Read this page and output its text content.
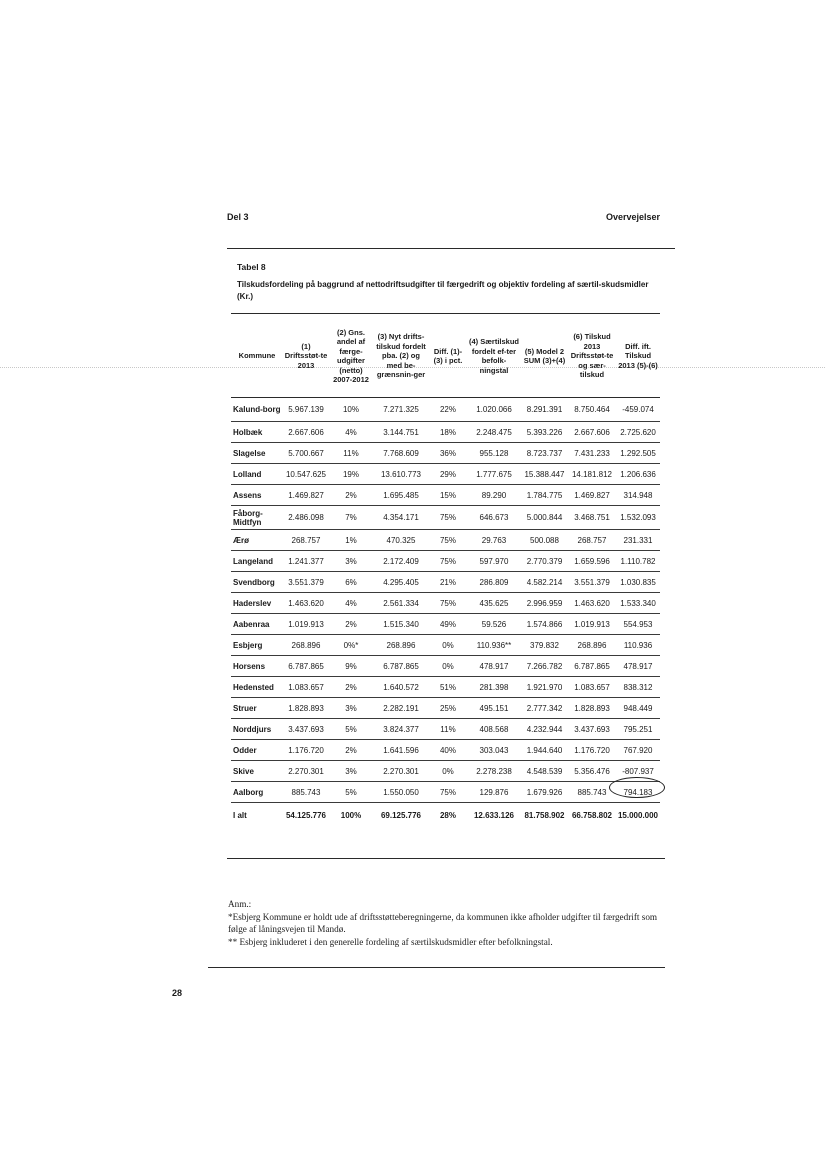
Del 3	Overvejelser
Tabel 8
Tilskudsfordeling på baggrund af nettodriftsudgifter til færgedrift og objektiv fordeling af særtil-skudsmidler (Kr.)
Kommune	(1) Driftsstøt-te 2013	(2) Gns. andel af færge-udgifter (netto) 2007-2012	(3) Nyt drifts-tilskud fordelt pba. (2) og med be-grænsnin-ger	Diff. (1)-(3) i pct.	(4) Særtilskud fordelt ef-ter befolk-ningstal	(5) Model 2 SUM (3)+(4)	(6) Tilskud 2013 Driftsstøt-te og sær-tilskud	Diff. ift. Tilskud 2013 (5)-(6)
Kalund-borg	5.967.139	10%	7.271.325	22%	1.020.066	8.291.391	8.750.464	-459.074
Holbæk	2.667.606	4%	3.144.751	18%	2.248.475	5.393.226	2.667.606	2.725.620
Slagelse	5.700.667	11%	7.768.609	36%	955.128	8.723.737	7.431.233	1.292.505
Lolland	10.547.625	19%	13.610.773	29%	1.777.675	15.388.447	14.181.812	1.206.636
Assens	1.469.827	2%	1.695.485	15%	89.290	1.784.775	1.469.827	314.948
Fåborg-Midtfyn	2.486.098	7%	4.354.171	75%	646.673	5.000.844	3.468.751	1.532.093
Ærø	268.757	1%	470.325	75%	29.763	500.088	268.757	231.331
Langeland	1.241.377	3%	2.172.409	75%	597.970	2.770.379	1.659.596	1.110.782
Svendborg	3.551.379	6%	4.295.405	21%	286.809	4.582.214	3.551.379	1.030.835
Haderslev	1.463.620	4%	2.561.334	75%	435.625	2.996.959	1.463.620	1.533.340
Aabenraa	1.019.913	2%	1.515.340	49%	59.526	1.574.866	1.019.913	554.953
Esbjerg	268.896	0%*	268.896	0%	110.936**	379.832	268.896	110.936
Horsens	6.787.865	9%	6.787.865	0%	478.917	7.266.782	6.787.865	478.917
Hedensted	1.083.657	2%	1.640.572	51%	281.398	1.921.970	1.083.657	838.312
Struer	1.828.893	3%	2.282.191	25%	495.151	2.777.342	1.828.893	948.449
Norddjurs	3.437.693	5%	3.824.377	11%	408.568	4.232.944	3.437.693	795.251
Odder	1.176.720	2%	1.641.596	40%	303.043	1.944.640	1.176.720	767.920
Skive	2.270.301	3%	2.270.301	0%	2.278.238	4.548.539	5.356.476	-807.937
Aalborg	885.743	5%	1.550.050	75%	129.876	1.679.926	885.743	794.183
I alt	54.125.776	100%	69.125.776	28%	12.633.126	81.758.902	66.758.802	15.000.000

Anm.:

*Esbjerg Kommune er holdt ude af driftsstøtteberegningerne, da kommunen ikke afholder udgifter til færgedrift som følge af låningsvejen til Mandø.

** Esbjerg inkluderet i den generelle fordeling af særtilskudsmidler efter befolkningstal.

28
